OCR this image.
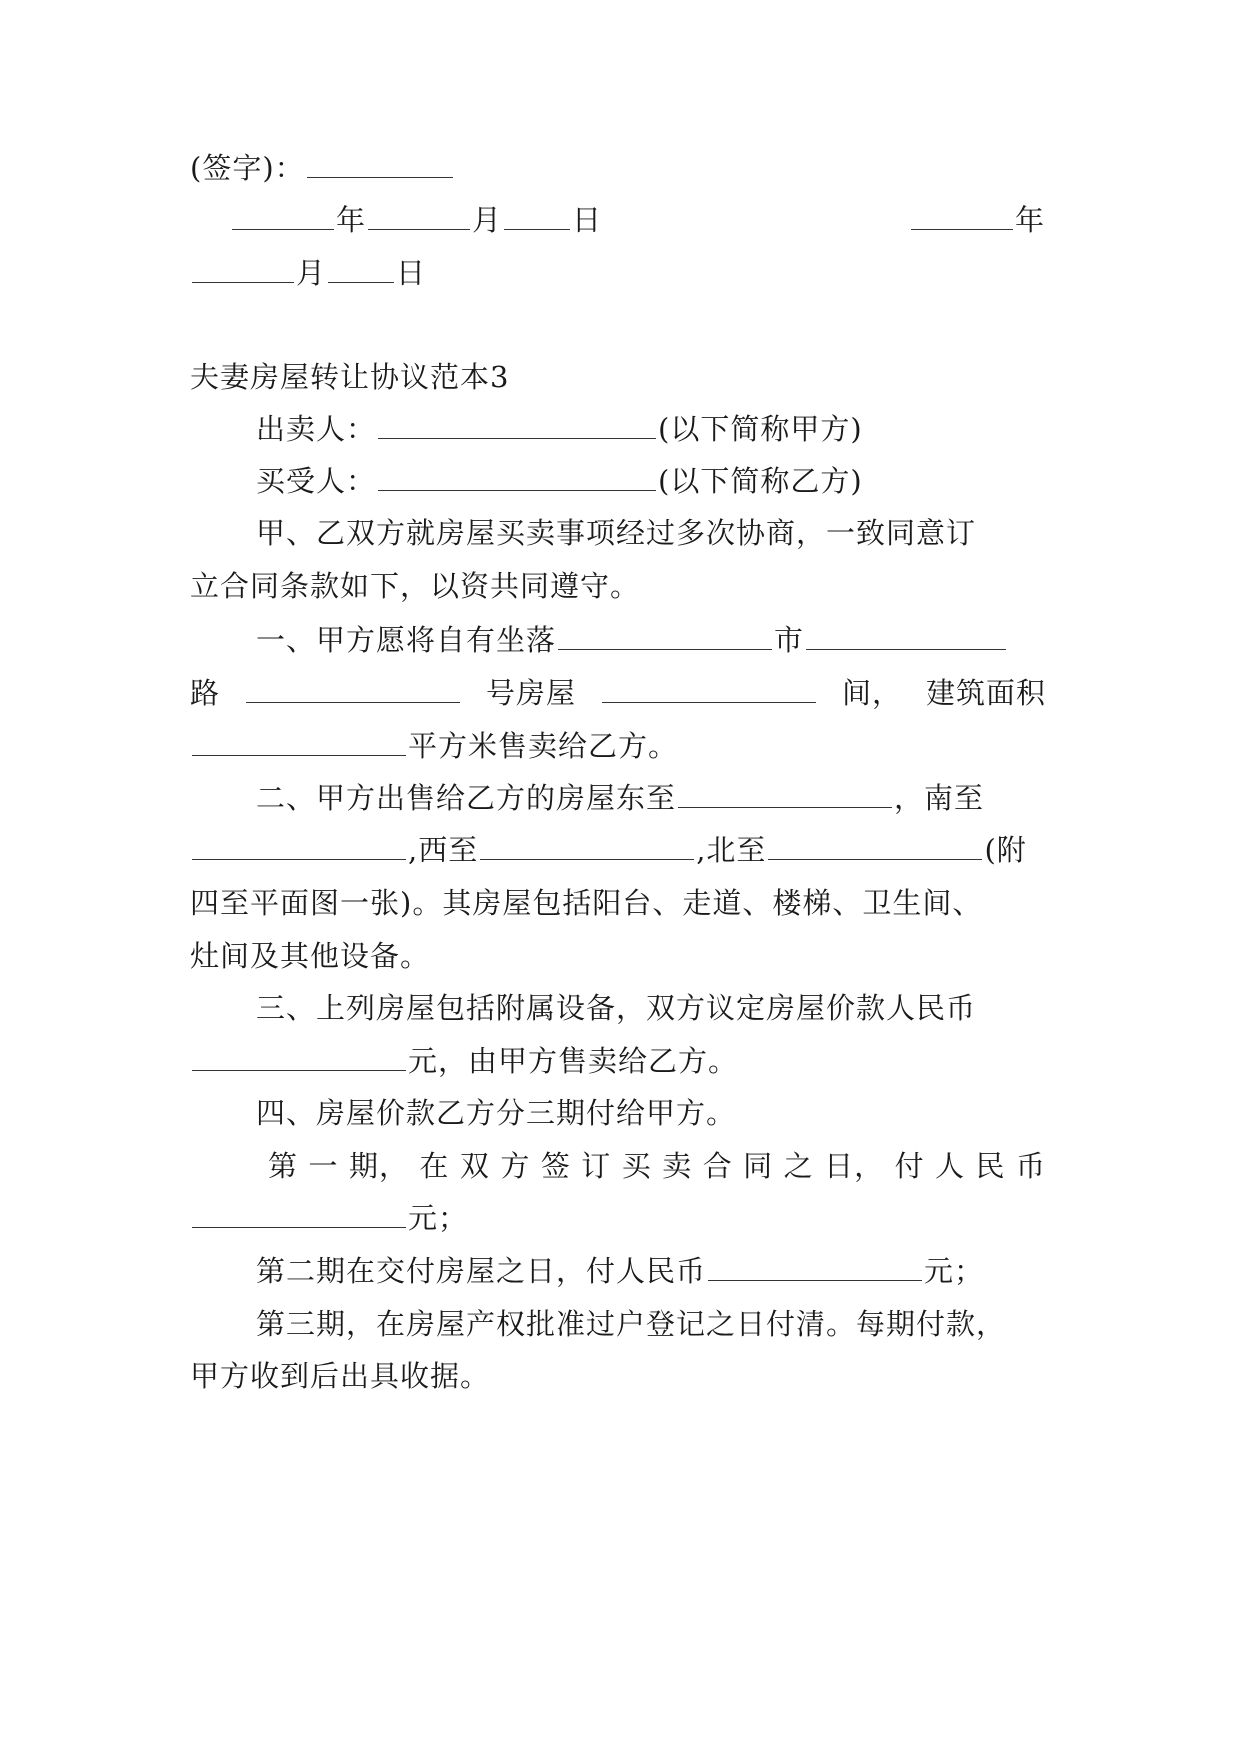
(签字)：
年	月 日	年
月 日
夫妻房屋转让协议范本3
出卖人：	(以下简称甲方)
买受人：	(以下简称乙方)
甲、乙双方就房屋买卖事项经过多次协商，一致同意订
立合同条款如下，以资共同遵守。
一、甲方愿将自有坐落	市
路	号房屋	间， 建筑面积
平方米售卖给乙方。
二、甲方出售给乙方的房屋东至	，南至
,西至	,北至	(附
四至平面图一张)。其房屋包括阳台、走道、楼梯、卫生间、
灶间及其他设备。
三、上列房屋包括附属设备，双方议定房屋价款人民币
元，由甲方售卖给乙方。
四、房屋价款乙方分三期付给甲方。
第 一 期， 在 双 方 签 订 买 卖 合 同 之 日， 付 人 民 币
元；
第二期在交付房屋之日，付人民币	元；
第三期，在房屋产权批准过户登记之日付清。每期付款，
甲方收到后出具收据。
